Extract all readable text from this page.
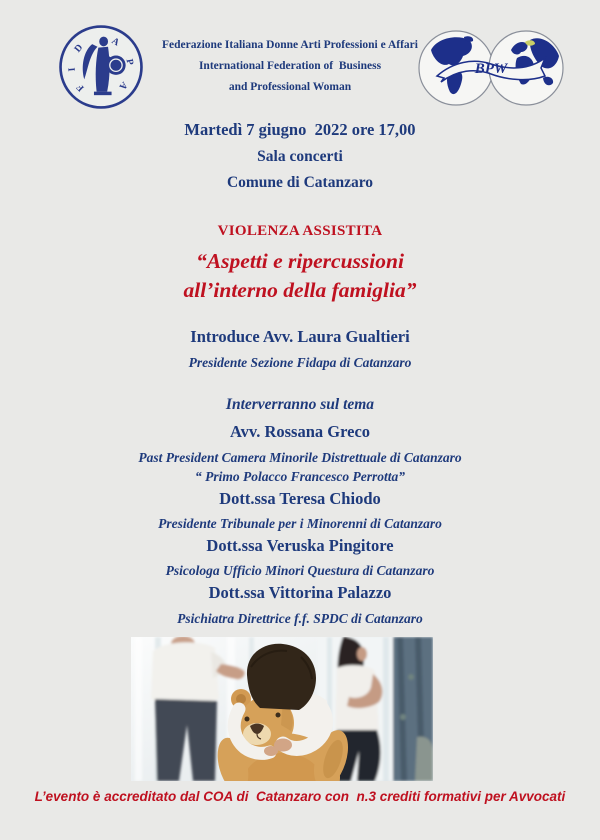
F
I
D A
P
A
Federazione Italiana Donne Arti Professioni e Affari
International Federation of  Business
and Professional Woman
BPW
Martedì 7 giugno  2022 ore 17,00
Sala concerti
Comune di Catanzaro
VIOLENZA ASSISTITA
“Aspetti e ripercussioni
all’interno della famiglia”
Introduce Avv. Laura Gualtieri
Presidente Sezione Fidapa di Catanzaro
Interverranno sul tema
Avv. Rossana Greco
Past President Camera Minorile Distrettuale di Catanzaro
“ Primo Polacco Francesco Perrotta”
Dott.ssa Teresa Chiodo
Presidente Tribunale per i Minorenni di Catanzaro
Dott.ssa Veruska Pingitore
Psicologa Ufficio Minori Questura di Catanzaro
Dott.ssa Vittorina Palazzo
Psichiatra Direttrice f.f. SPDC di Catanzaro
L’evento è accreditato dal COA di  Catanzaro con  n.3 crediti formativi per Avvocati
